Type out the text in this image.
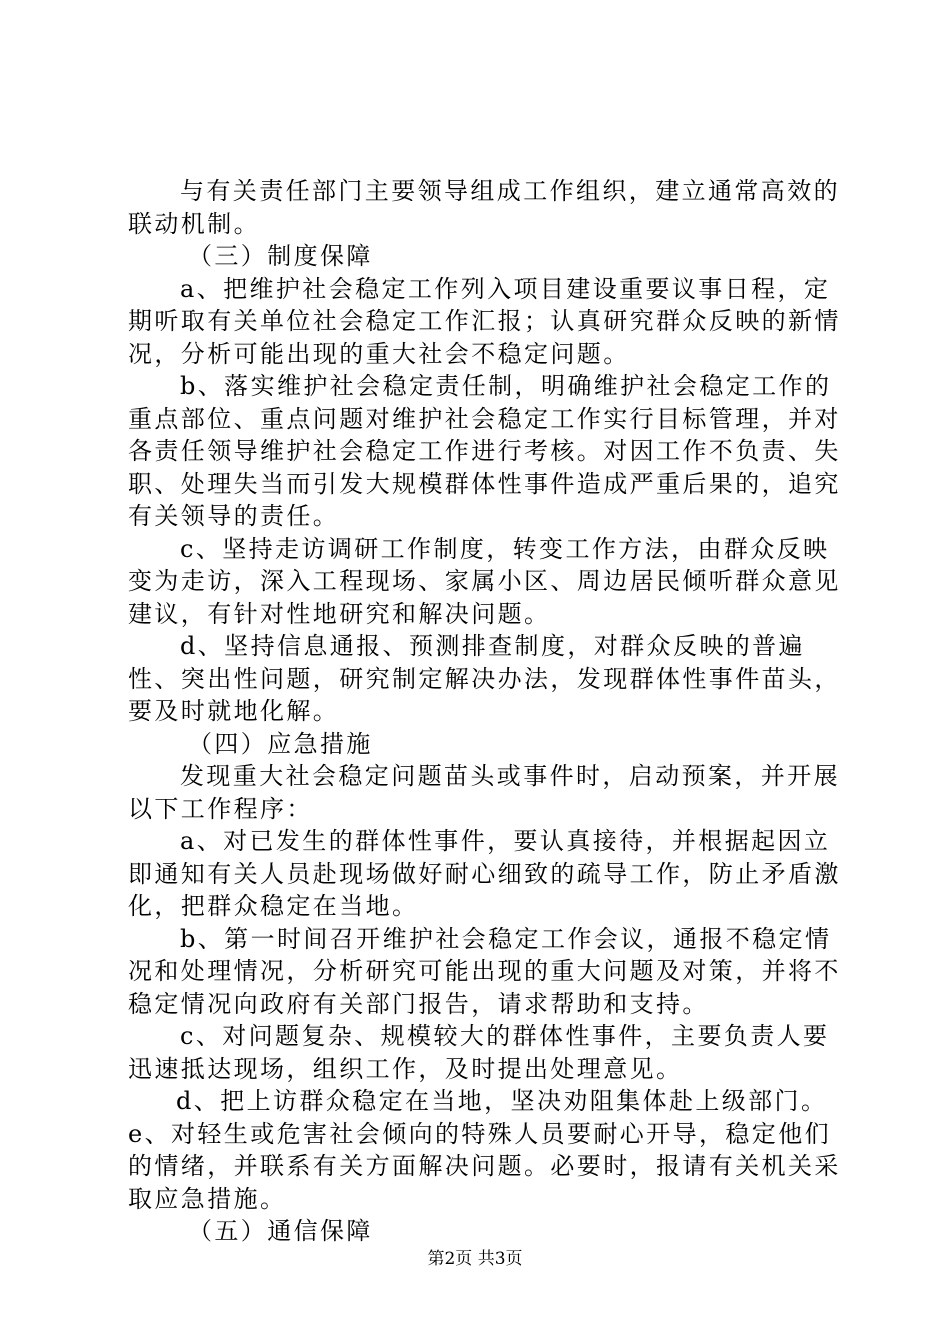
与有关责任部门主要领导组成工作组织，建立通常高效的联动机制。

（三）制度保障

a、把维护社会稳定工作列入项目建设重要议事日程，定期听取有关单位社会稳定工作汇报；认真研究群众反映的新情况，分析可能出现的重大社会不稳定问题。

b、落实维护社会稳定责任制，明确维护社会稳定工作的重点部位、重点问题对维护社会稳定工作实行目标管理，并对各责任领导维护社会稳定工作进行考核。对因工作不负责、失职、处理失当而引发大规模群体性事件造成严重后果的，追究有关领导的责任。

c、坚持走访调研工作制度，转变工作方法，由群众反映变为走访，深入工程现场、家属小区、周边居民倾听群众意见建议，有针对性地研究和解决问题。

d、坚持信息通报、预测排查制度，对群众反映的普遍性、突出性问题，研究制定解决办法，发现群体性事件苗头，要及时就地化解。

（四）应急措施

发现重大社会稳定问题苗头或事件时，启动预案，并开展以下工作程序：

a、对已发生的群体性事件，要认真接待，并根据起因立即通知有关人员赴现场做好耐心细致的疏导工作，防止矛盾激化，把群众稳定在当地。

b、第一时间召开维护社会稳定工作会议，通报不稳定情况和处理情况，分析研究可能出现的重大问题及对策，并将不稳定情况向政府有关部门报告，请求帮助和支持。

c、对问题复杂、规模较大的群体性事件，主要负责人要迅速抵达现场，组织工作，及时提出处理意见。

d、把上访群众稳定在当地，坚决劝阻集体赴上级部门。

e、对轻生或危害社会倾向的特殊人员要耐心开导，稳定他们的情绪，并联系有关方面解决问题。必要时，报请有关机关采取应急措施。

（五）通信保障

第2页 共3页
